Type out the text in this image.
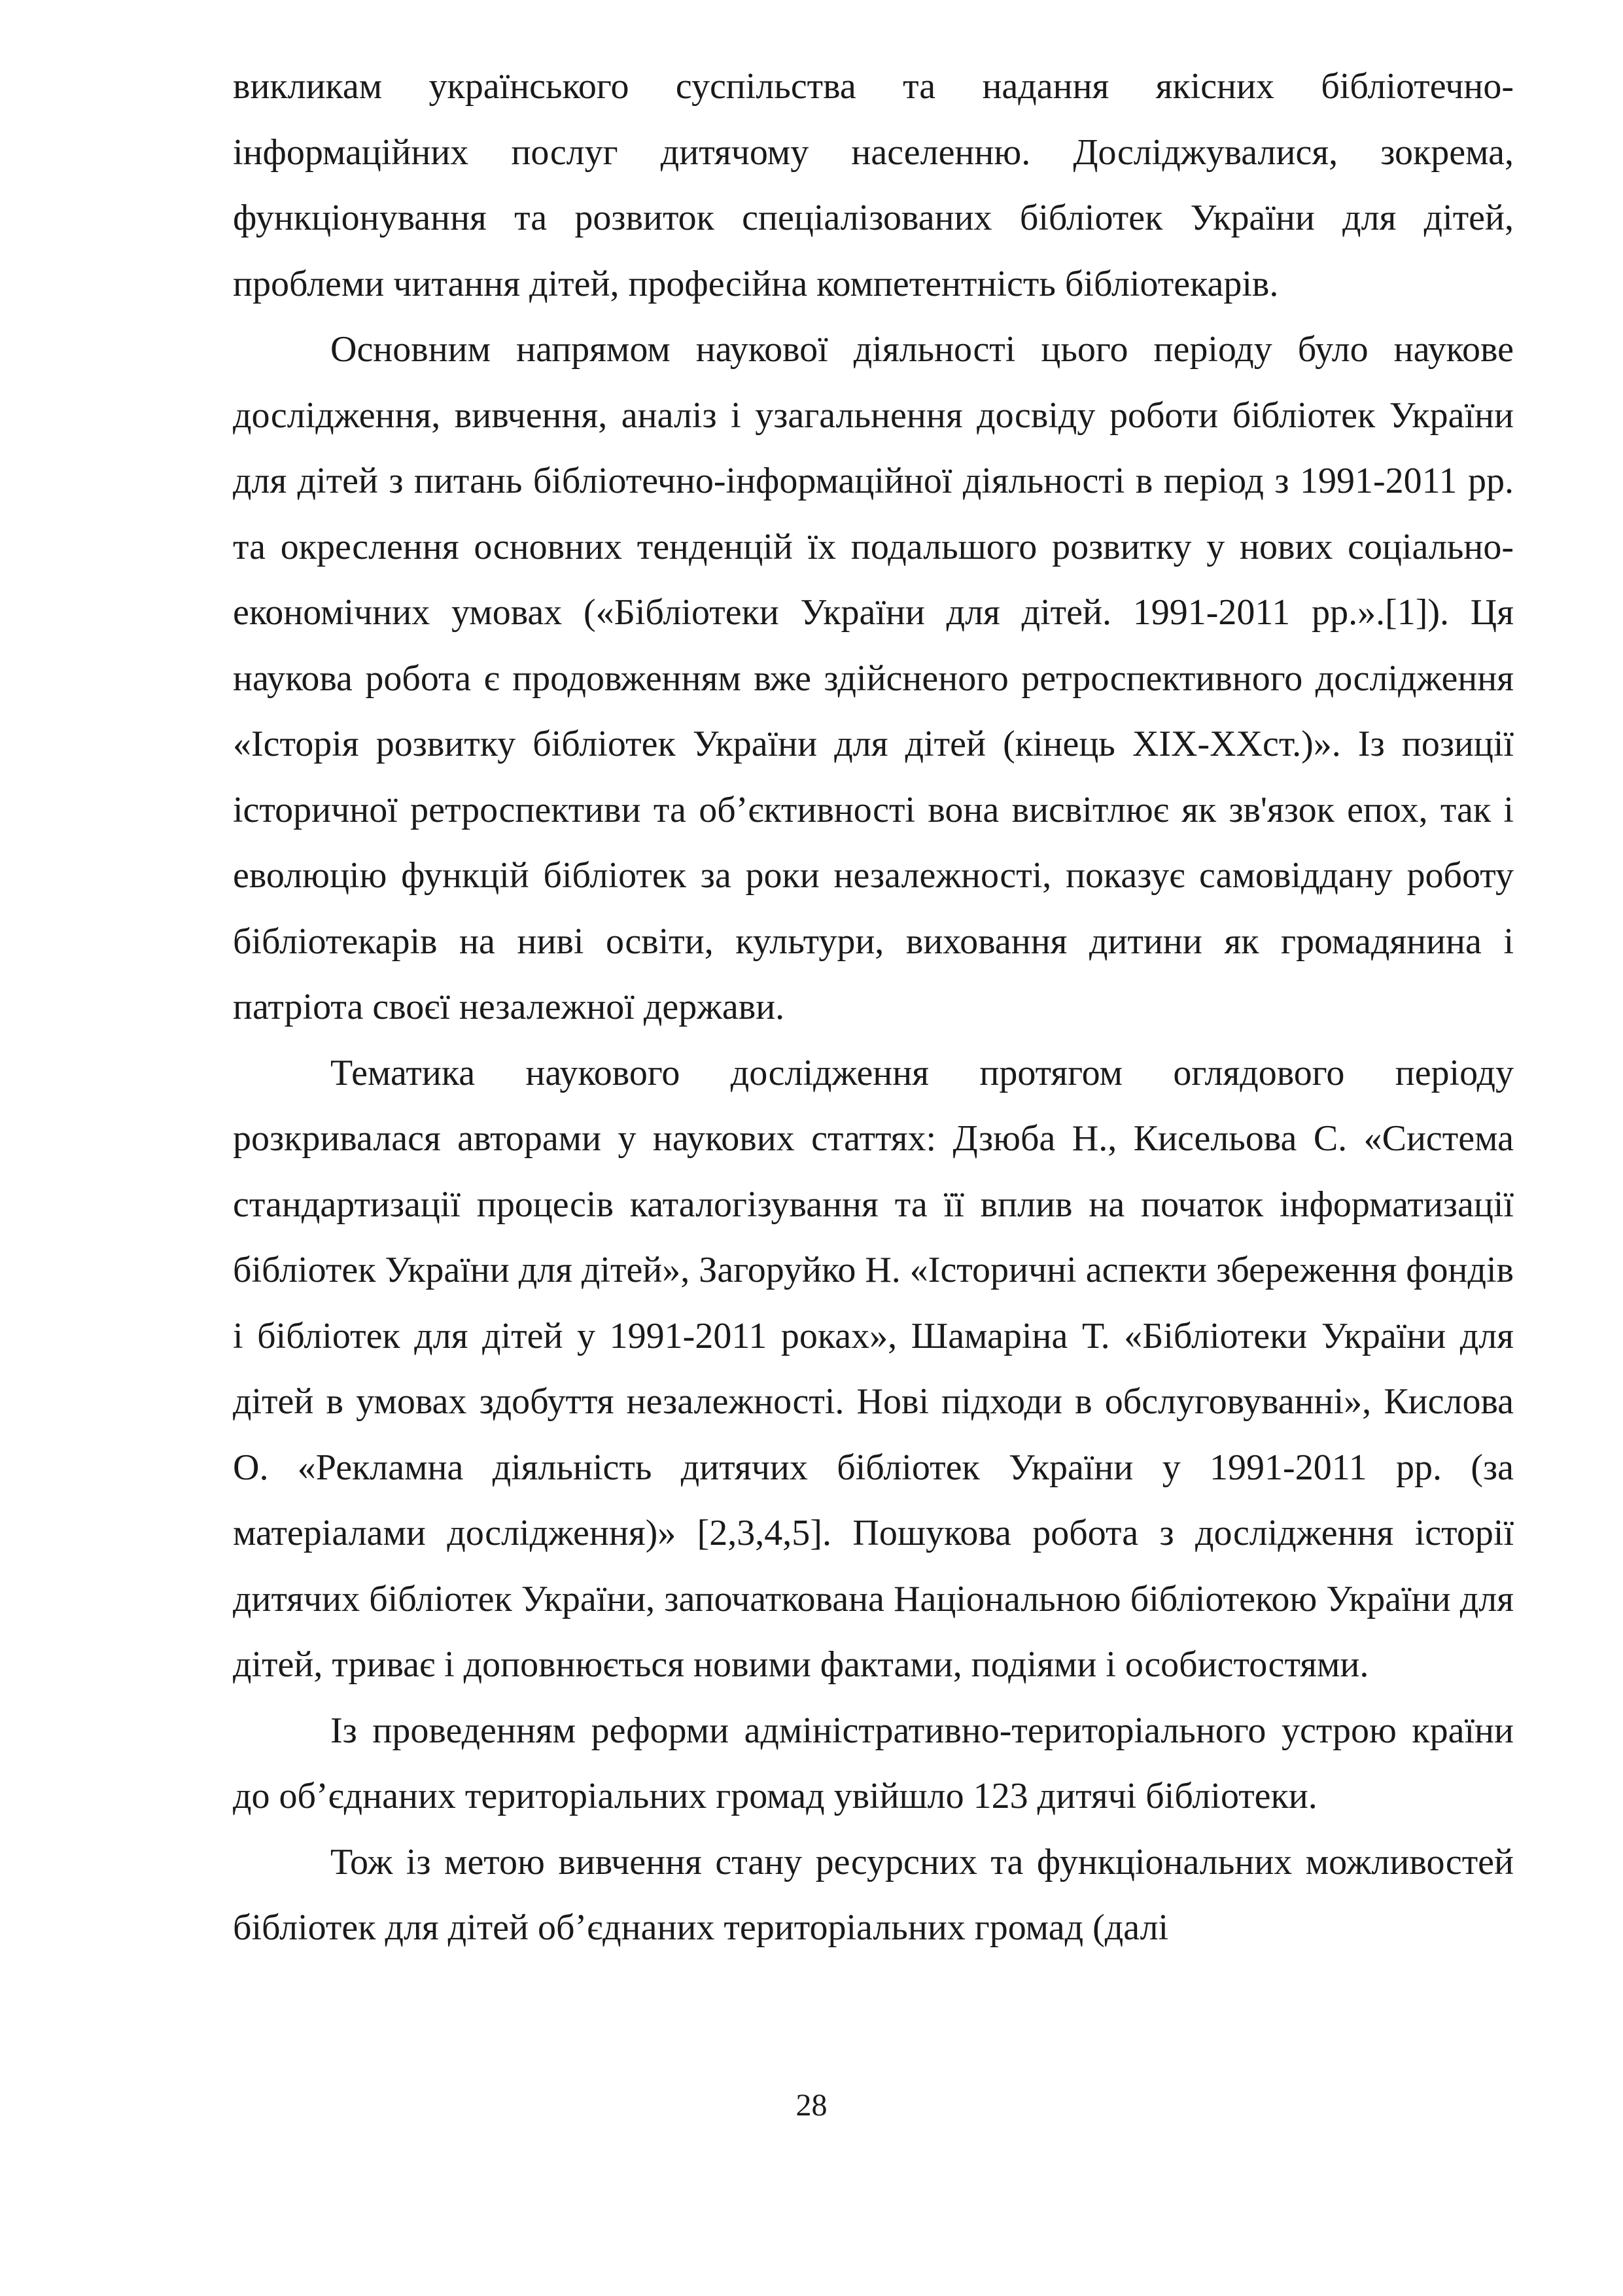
викликам українського суспільства та надання якісних бібліотечно-інформаційних послуг дитячому населенню. Досліджувалися, зокрема, функціонування та розвиток спеціалізованих бібліотек України для дітей, проблеми читання дітей, професійна компетентність бібліотекарів.

Основним напрямом наукової діяльності цього періоду було наукове дослідження, вивчення, аналіз і узагальнення досвіду роботи бібліотек України для дітей з питань бібліотечно-інформаційної діяльності в період з 1991-2011 рр. та окреслення основних тенденцій їх подальшого розвитку у нових соціально-економічних умовах («Бібліотеки України для дітей. 1991-2011 рр.».[1]). Ця наукова робота є продовженням вже здійсненого ретроспективного дослідження «Історія розвитку бібліотек України для дітей (кінець ХІХ-ХХст.)». Із позиції історичної ретроспективи та об’єктивності вона висвітлює як зв'язок епох, так і еволюцію функцій бібліотек за роки незалежності, показує самовіддану роботу бібліотекарів на ниві освіти, культури, виховання дитини як громадянина і патріота своєї незалежної держави.

Тематика наукового дослідження протягом оглядового періоду розкривалася авторами у наукових статтях: Дзюба Н., Кисельова С. «Система стандартизації процесів каталогізування та її вплив на початок інформатизації бібліотек України для дітей», Загоруйко Н. «Історичні аспекти збереження фондів і бібліотек для дітей у 1991-2011 роках», Шамаріна Т. «Бібліотеки України для дітей в умовах здобуття незалежності. Нові підходи в обслуговуванні», Кислова О. «Рекламна діяльність дитячих бібліотек України у 1991-2011 рр. (за матеріалами дослідження)» [2,3,4,5]. Пошукова робота з дослідження історії дитячих бібліотек України, започаткована Національною бібліотекою України для дітей, триває і доповнюється новими фактами, подіями і особистостями.

Із проведенням реформи адміністративно-територіального устрою країни до об’єднаних територіальних громад увійшло 123 дитячі бібліотеки.

Тож із метою вивчення стану ресурсних та функціональних можливостей бібліотек для дітей об’єднаних територіальних громад (далі

28
